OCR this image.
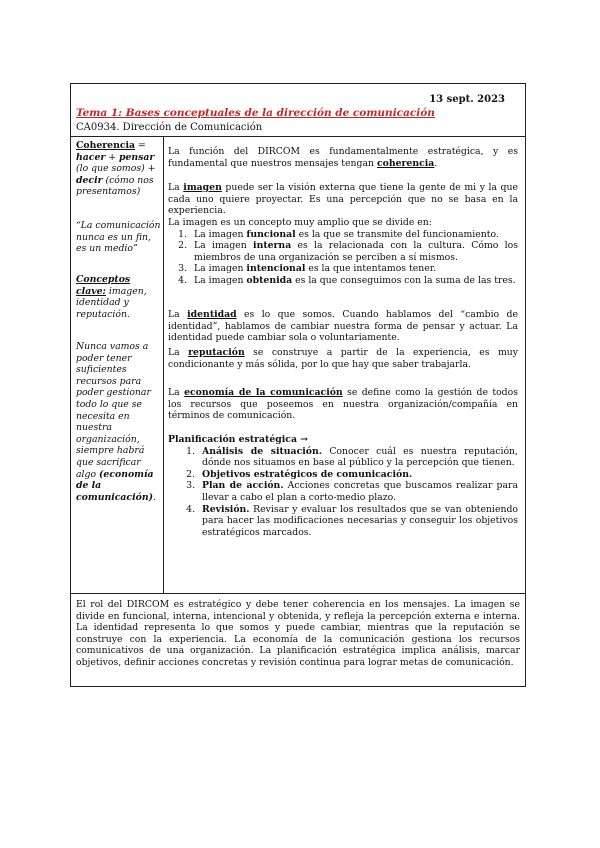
13 sept. 2023
Tema 1: Bases conceptuales de la dirección de comunicación
CA0934. Dirección de Comunicación
Coherencia = hacer + pensar
(lo que somos) + decir (cómo nos presentamos)
“La comunicación nunca es un fin, es un medio”
Conceptos clave: imagen, identidad y reputación.
Nunca vamos a poder tener suficientes recursos para poder gestionar todo lo que se necesita en nuestra organización, siempre habrá que sacrificar algo (economía de la comunicación).
La función del DIRCOM es fundamentalmente estratégica, y es fundamental que nuestros mensajes tengan coherencia.
La imagen puede ser la visión externa que tiene la gente de mi y la que cada uno quiere proyectar. Es una percepción que no se basa en la experiencia.
La imagen es un concepto muy amplio que se divide en:
1. La imagen funcional es la que se transmite del funcionamiento.
2. La imagen interna es la relacionada con la cultura. Cómo los miembros de una organización se perciben a sí mismos.
3. La imagen intencional es la que intentamos tener.
4. La imagen obtenida es la que conseguimos con la suma de las tres.
La identidad es lo que somos. Cuando hablamos del “cambio de identidad”, hablamos de cambiar nuestra forma de pensar y actuar. La identidad puede cambiar sola o voluntariamente.
La reputación se construye a partir de la experiencia, es muy condicionante y más sólida, por lo que hay que saber trabajarla.
La economía de la comunicación se define como la gestión de todos los recursos que poseemos en nuestra organización/compañía en términos de comunicación.
Planificación estratégica →
1. Análisis de situación. Conocer cuál es nuestra reputación, dónde nos situamos en base al público y la percepción que tienen.
2. Objetivos estratégicos de comunicación.
3. Plan de acción. Acciones concretas que buscamos realizar para llevar a cabo el plan a corto-medio plazo.
4. Revisión. Revisar y evaluar los resultados que se van obteniendo para hacer las modificaciones necesarias y conseguir los objetivos estratégicos marcados.

El rol del DIRCOM es estratégico y debe tener coherencia en los mensajes. La imagen se divide en funcional, interna, intencional y obtenida, y refleja la percepción externa e interna. La identidad representa lo que somos y puede cambiar, mientras que la reputación se construye con la experiencia. La economía de la comunicación gestiona los recursos comunicativos de una organización. La planificación estratégica implica análisis, marcar objetivos, definir acciones concretas y revisión continua para lograr metas de comunicación.
